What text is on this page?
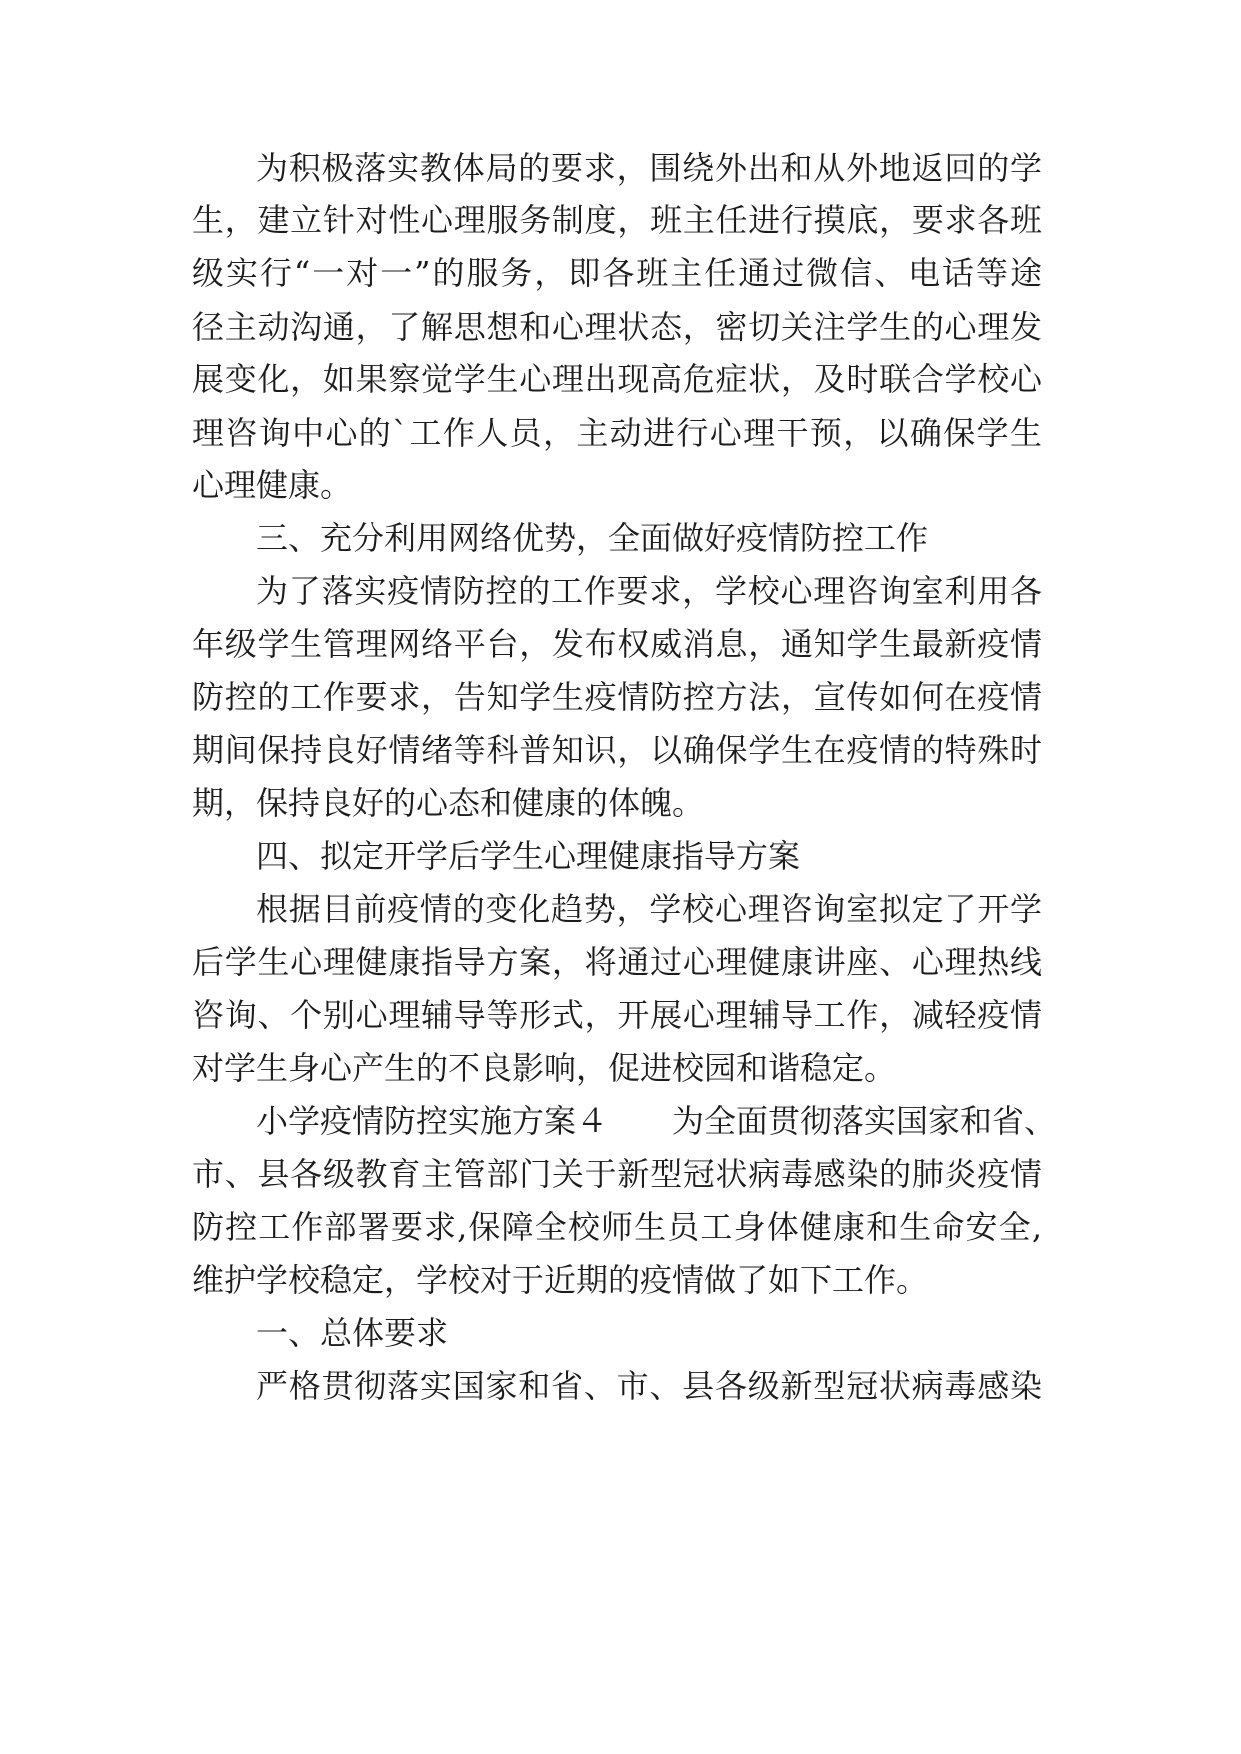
为积极落实教体局的要求，围绕外出和从外地返回的学
生，建立针对性心理服务制度，班主任进行摸底，要求各班
级实行“一对一”的服务，即各班主任通过微信、电话等途
径主动沟通，了解思想和心理状态，密切关注学生的心理发
展变化，如果察觉学生心理出现高危症状，及时联合学校心
理咨询中心的`工作人员，主动进行心理干预，以确保学生
心理健康。
三、充分利用网络优势，全面做好疫情防控工作
为了落实疫情防控的工作要求，学校心理咨询室利用各
年级学生管理网络平台，发布权威消息，通知学生最新疫情
防控的工作要求，告知学生疫情防控方法，宣传如何在疫情
期间保持良好情绪等科普知识，以确保学生在疫情的特殊时
期，保持良好的心态和健康的体魄。
四、拟定开学后学生心理健康指导方案
根据目前疫情的变化趋势，学校心理咨询室拟定了开学
后学生心理健康指导方案，将通过心理健康讲座、心理热线
咨询、个别心理辅导等形式，开展心理辅导工作，减轻疫情
对学生身心产生的不良影响，促进校园和谐稳定。
小学疫情防控实施方案４　　为全面贯彻落实国家和省、
市、县各级教育主管部门关于新型冠状病毒感染的肺炎疫情
防控工作部署要求,保障全校师生员工身体健康和生命安全,
维护学校稳定，学校对于近期的疫情做了如下工作。
一、总体要求
严格贯彻落实国家和省、市、县各级新型冠状病毒感染
